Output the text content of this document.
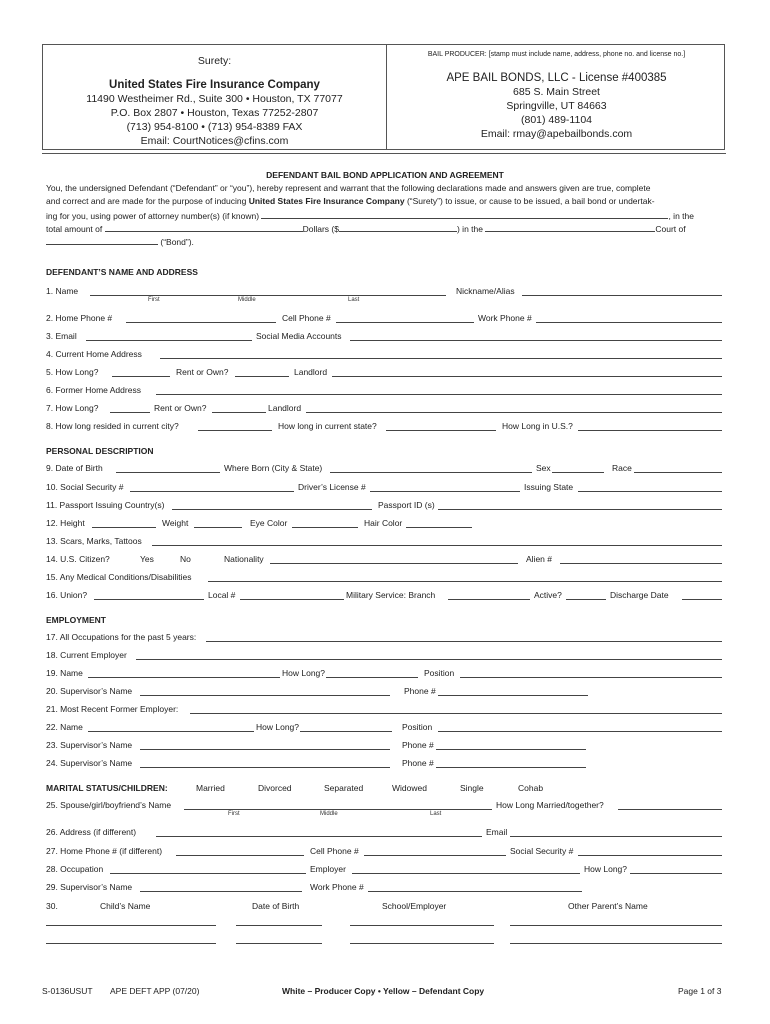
Surety:
United States Fire Insurance Company
11490 Westheimer Rd., Suite 300 • Houston, TX 77077
P.O. Box 2807 • Houston, Texas 77252-2807
(713) 954-8100 • (713) 954-8389 FAX
Email: CourtNotices@cfins.com
BAIL PRODUCER: [stamp must include name, address, phone no. and license no.]
APE BAIL BONDS, LLC - License #400385
685 S. Main Street
Springville, UT 84663
(801) 489-1104
Email: rmay@apebailbonds.com
DEFENDANT BAIL BOND APPLICATION AND AGREEMENT
You, the undersigned Defendant (“Defendant” or “you”), hereby represent and warrant that the following declarations made and answers given are true, complete
and correct and are made for the purpose of inducing United States Fire Insurance Company (“Surety”) to issue, or cause to be issued, a bail bond or undertak-
ing for you, using power of attorney number(s) (if known)	, in the
total amount of	Dollars ($	) in the	Court of
(“Bond”).
DEFENDANT’S NAME AND ADDRESS
1. Name
First	Middle	Last
Nickname/Alias
2. Home Phone #	Cell Phone #	Work Phone #
3. Email	Social Media Accounts
4. Current Home Address
5. How Long?	Rent or Own?	Landlord
6. Former Home Address
7. How Long?	Rent or Own?	Landlord
8. How long resided in current city?	How long in current state?	How Long in U.S.?
PERSONAL DESCRIPTION
9. Date of Birth	Where Born (City & State)	Sex	Race
10. Social Security #	Driver’s License #	Issuing State
11. Passport Issuing Country(s)	Passport ID (s)
12. Height	Weight	Eye Color	Hair Color
13. Scars, Marks, Tattoos
14. U.S. Citizen?	Yes	No	Nationality	Alien #
15. Any Medical Conditions/Disabilities
16. Union?	Local #	Military Service: Branch	Active?	Discharge Date
EMPLOYMENT
17. All Occupations for the past 5 years:
18. Current Employer
19. Name	How Long?	Position
20. Supervisor’s Name	Phone #
21. Most Recent Former Employer:
22. Name	How Long?	Position
23. Supervisor’s Name	Phone #
24. Supervisor’s Name	Phone #
MARITAL STATUS/CHILDREN:	Married	Divorced	Separated	Widowed	Single	Cohab
25. Spouse/girl/boyfriend’s Name
First	Middle	Last
How Long Married/together?
26. Address (if different)	Email
27. Home Phone # (if different)	Cell Phone #	Social Security #
28. Occupation	Employer	How Long?
29. Supervisor’s Name	Work Phone #
30.	Child’s Name	Date of Birth	School/Employer	Other Parent’s Name
S-0136USUT APE DEFT APP (07/20)	White – Producer Copy • Yellow – Defendant Copy	Page 1 of 3
